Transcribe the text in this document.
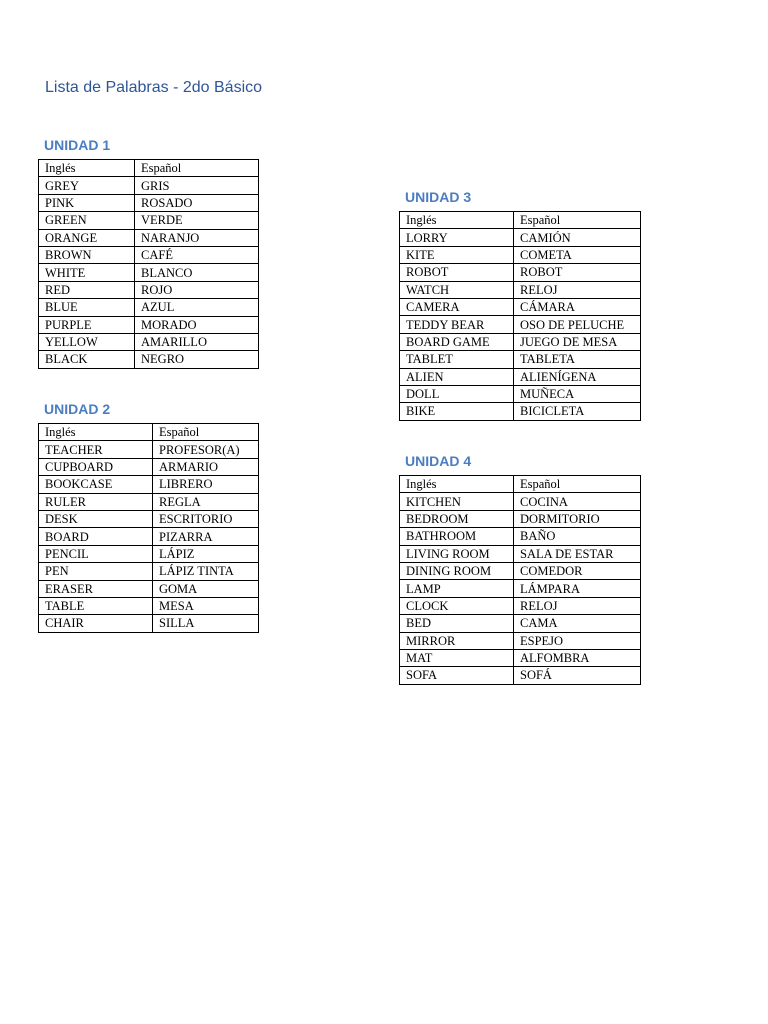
Lista de Palabras - 2do Básico
UNIDAD 1
Inglés	Español
GREY	GRIS
PINK	ROSADO
GREEN	VERDE
ORANGE	NARANJO
BROWN	CAFÉ
WHITE	BLANCO
RED	ROJO
BLUE	AZUL
PURPLE	MORADO
YELLOW	AMARILLO
BLACK	NEGRO
UNIDAD 2
Inglés	Español
TEACHER	PROFESOR(A)
CUPBOARD	ARMARIO
BOOKCASE	LIBRERO
RULER	REGLA
DESK	ESCRITORIO
BOARD	PIZARRA
PENCIL	LÁPIZ
PEN	LÁPIZ TINTA
ERASER	GOMA
TABLE	MESA
CHAIR	SILLA
UNIDAD 3
Inglés	Español
LORRY	CAMIÓN
KITE	COMETA
ROBOT	ROBOT
WATCH	RELOJ
CAMERA	CÁMARA
TEDDY BEAR	OSO DE PELUCHE
BOARD GAME	JUEGO DE MESA
TABLET	TABLETA
ALIEN	ALIENÍGENA
DOLL	MUÑECA
BIKE	BICICLETA
UNIDAD 4
Inglés	Español
KITCHEN	COCINA
BEDROOM	DORMITORIO
BATHROOM	BAÑO
LIVING ROOM	SALA DE ESTAR
DINING ROOM	COMEDOR
LAMP	LÁMPARA
CLOCK	RELOJ
BED	CAMA
MIRROR	ESPEJO
MAT	ALFOMBRA
SOFA	SOFÁ
